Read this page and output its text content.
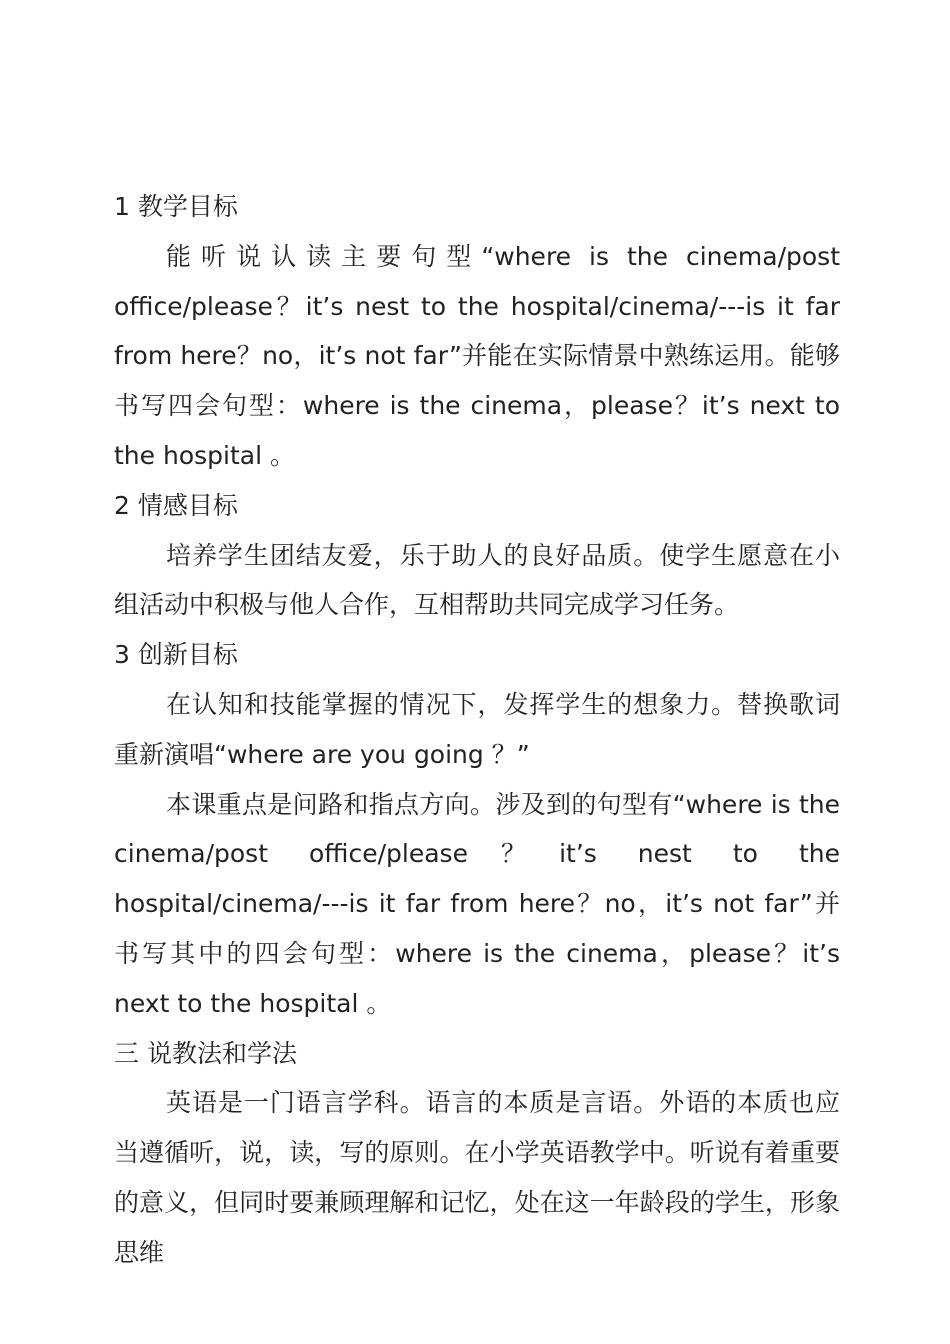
1 教学目标

能听说认读主要句型“where is the cinema/post office/please？it’s nest to the hospital/cinema/---is it far from here？no，it’s not far”并能在实际情景中熟练运用。能够书写四会句型：where is the cinema，please？it’s next to the hospital 。

2 情感目标

培养学生团结友爱，乐于助人的良好品质。使学生愿意在小组活动中积极与他人合作，互相帮助共同完成学习任务。

3 创新目标

在认知和技能掌握的情况下，发挥学生的想象力。替换歌词重新演唱“where are you going ？”

本课重点是问路和指点方向。涉及到的句型有“where is the cinema/post office/please？it’s nest to the hospital/cinema/---is it far from here？no，it’s not far”并书写其中的四会句型：where is the cinema，please？it’s next to the hospital 。

三 说教法和学法

英语是一门语言学科。语言的本质是言语。外语的本质也应当遵循听，说，读，写的原则。在小学英语教学中。听说有着重要的意义，但同时要兼顾理解和记忆，处在这一年龄段的学生，形象思维
